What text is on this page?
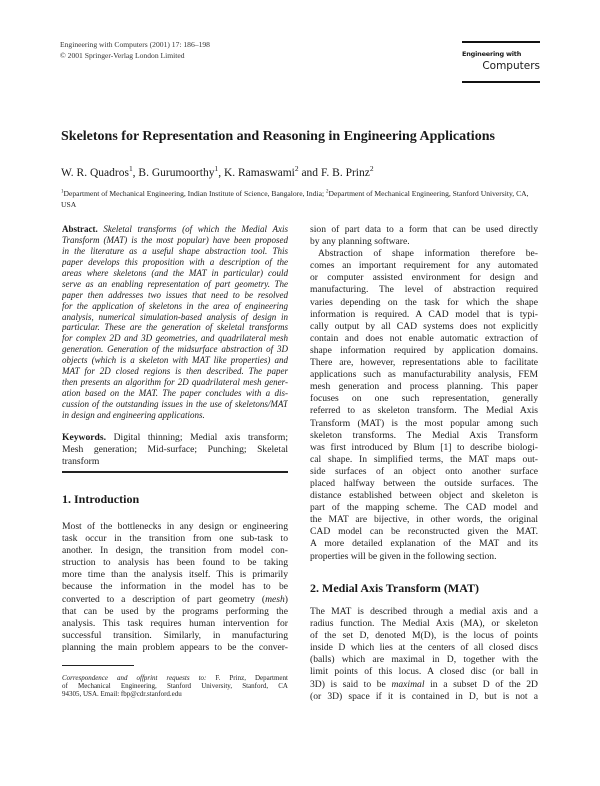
Engineering with Computers (2001) 17: 186–198
© 2001 Springer-Verlag London Limited	Engineering with
Computers
Skeletons for Representation and Reasoning in Engineering Applications
W. R. Quadros$^1$, B. Gurumoorthy$^1$, K. Ramaswami$^2$ and F. B. Prinz$^2$
$^1$Department of Mechanical Engineering, Indian Institute of Science, Bangalore, India; $^2$Department of Mechanical Engineering, Stanford University, CA, USA
Abstract. Skeletal transforms (of which the Medial Axis
Transform (MAT) is the most popular) have been proposed
in the literature as a useful shape abstraction tool. This
paper develops this proposition with a description of the
areas where skeletons (and the MAT in particular) could
serve as an enabling representation of part geometry. The
paper then addresses two issues that need to be resolved
for the application of skeletons in the area of engineering
analysis, numerical simulation-based analysis of design in
particular. These are the generation of skeletal transforms
for complex 2D and 3D geometries, and quadrilateral mesh
generation. Generation of the midsurface abstraction of 3D
objects (which is a skeleton with MAT like properties) and
MAT for 2D closed regions is then described. The paper
then presents an algorithm for 2D quadrilateral mesh gener-
ation based on the MAT. The paper concludes with a dis-
cussion of the outstanding issues in the use of skeletons/MAT
in design and engineering applications.
Keywords. Digital thinning; Medial axis transform;
Mesh generation; Mid-surface; Punching; Skeletal
transform
1. Introduction
Most of the bottlenecks in any design or engineering
task occur in the transition from one sub-task to
another. In design, the transition from model con-
struction to analysis has been found to be taking
more time than the analysis itself. This is primarily
because the information in the model has to be
converted to a description of part geometry (mesh)
that can be used by the programs performing the
analysis. This task requires human intervention for
successful transition. Similarly, in manufacturing
planning the main problem appears to be the conver-
Correspondence and offprint requests to: F. Prinz, Department
of Mechanical Engineering, Stanford University, Stanford, CA
94305, USA. Email: fbp@cdr.stanford.edu
sion of part data to a form that can be used directly
by any planning software.
Abstraction of shape information therefore be-
comes an important requirement for any automated
or computer assisted environment for design and
manufacturing. The level of abstraction required
varies depending on the task for which the shape
information is required. A CAD model that is typi-
cally output by all CAD systems does not explicitly
contain and does not enable automatic extraction of
shape information required by application domains.
There are, however, representations able to facilitate
applications such as manufacturability analysis, FEM
mesh generation and process planning. This paper
focuses on one such representation, generally
referred to as skeleton transform. The Medial Axis
Transform (MAT) is the most popular among such
skeleton transforms. The Medial Axis Transform
was first introduced by Blum [1] to describe biologi-
cal shape. In simplified terms, the MAT maps out-
side surfaces of an object onto another surface
placed halfway between the outside surfaces. The
distance established between object and skeleton is
part of the mapping scheme. The CAD model and
the MAT are bijective, in other words, the original
CAD model can be reconstructed given the MAT.
A more detailed explanation of the MAT and its
properties will be given in the following section.
2. Medial Axis Transform (MAT)
The MAT is described through a medial axis and a
radius function. The Medial Axis (MA), or skeleton
of the set D, denoted M(D), is the locus of points
inside D which lies at the centers of all closed discs
(balls) which are maximal in D, together with the
limit points of this locus. A closed disc (or ball in
3D) is said to be maximal in a subset D of the 2D
(or 3D) space if it is contained in D, but is not a
